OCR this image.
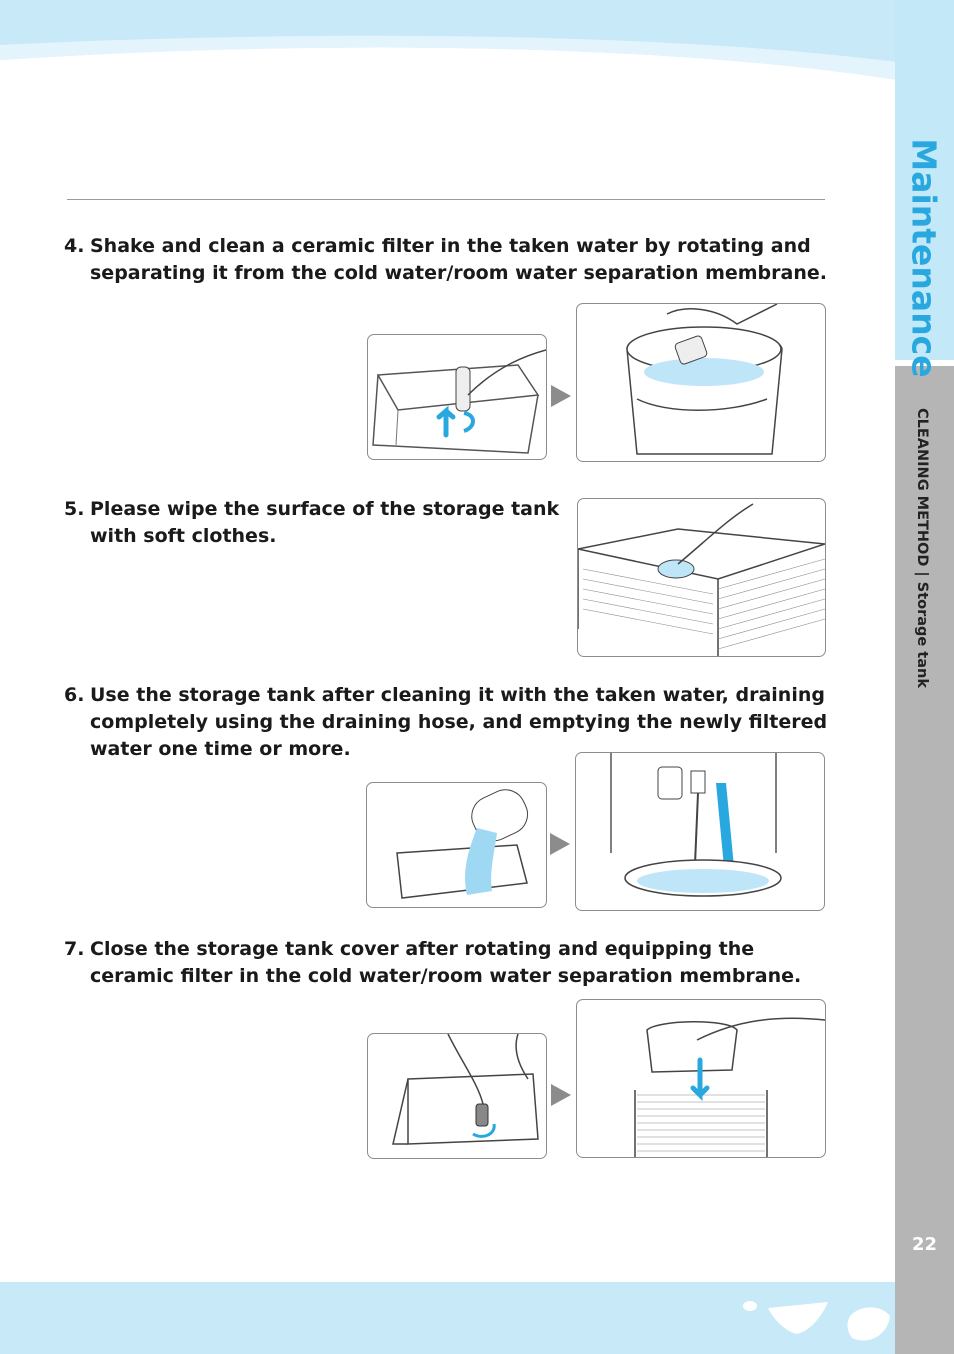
Maintenance
CLEANING METHOD | Storage tank
22
4. Shake and clean a ceramic filter in the taken water by rotating and separating it from the cold water/room water separation membrane.
5. Please wipe the surface of the storage tank with soft clothes.
6. Use the storage tank after cleaning it with the taken water, draining completely using the draining hose, and emptying the newly filtered water one time or more.
7. Close the storage tank cover after rotating and equipping the ceramic filter in the cold water/room water separation membrane.
